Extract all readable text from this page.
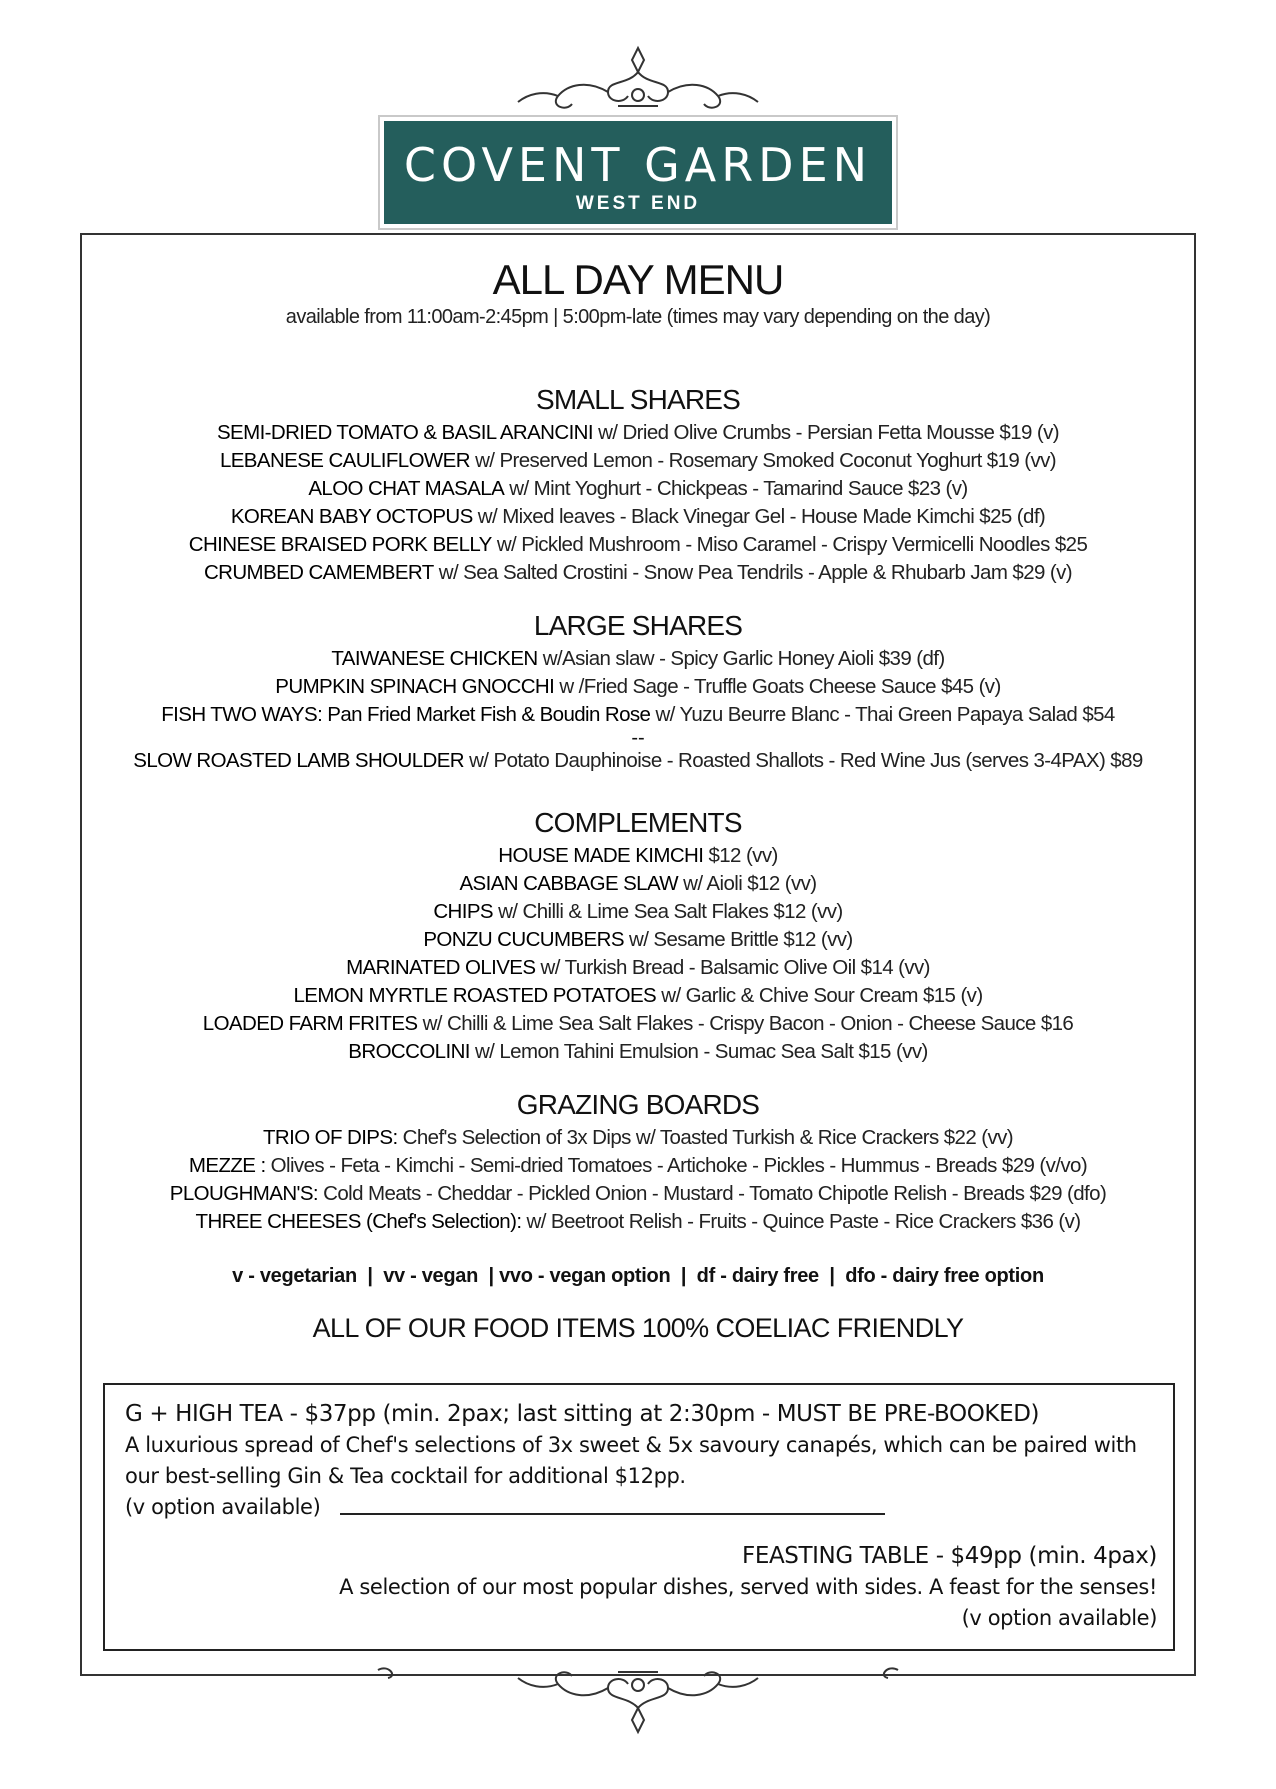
COVENT GARDEN
WEST END
ALL DAY MENU
available from 11:00am-2:45pm | 5:00pm-late (times may vary depending on the day)
SMALL SHARES
SEMI-DRIED TOMATO & BASIL ARANCINI w/ Dried Olive Crumbs - Persian Fetta Mousse $19 (v)
LEBANESE CAULIFLOWER w/ Preserved Lemon - Rosemary Smoked Coconut Yoghurt $19 (vv)
ALOO CHAT MASALA w/ Mint Yoghurt - Chickpeas - Tamarind Sauce $23 (v)
KOREAN BABY OCTOPUS w/ Mixed leaves - Black Vinegar Gel - House Made Kimchi $25 (df)
CHINESE BRAISED PORK BELLY w/ Pickled Mushroom - Miso Caramel - Crispy Vermicelli Noodles $25
CRUMBED CAMEMBERT w/ Sea Salted Crostini - Snow Pea Tendrils - Apple & Rhubarb Jam $29 (v)
LARGE SHARES
TAIWANESE CHICKEN w/Asian slaw - Spicy Garlic Honey Aioli $39 (df)
PUMPKIN SPINACH GNOCCHI w /Fried Sage - Truffle Goats Cheese Sauce $45 (v)
FISH TWO WAYS: Pan Fried Market Fish & Boudin Rose w/ Yuzu Beurre Blanc - Thai Green Papaya Salad $54
--
SLOW ROASTED LAMB SHOULDER w/ Potato Dauphinoise - Roasted Shallots - Red Wine Jus (serves 3-4PAX) $89
COMPLEMENTS
HOUSE MADE KIMCHI $12 (vv)
ASIAN CABBAGE SLAW w/ Aioli $12 (vv)
CHIPS w/ Chilli & Lime Sea Salt Flakes $12 (vv)
PONZU CUCUMBERS w/ Sesame Brittle $12 (vv)
MARINATED OLIVES w/ Turkish Bread - Balsamic Olive Oil $14 (vv)
LEMON MYRTLE ROASTED POTATOES w/ Garlic & Chive Sour Cream $15 (v)
LOADED FARM FRITES w/ Chilli & Lime Sea Salt Flakes - Crispy Bacon - Onion - Cheese Sauce $16
BROCCOLINI w/ Lemon Tahini Emulsion - Sumac Sea Salt $15 (vv)
GRAZING BOARDS
TRIO OF DIPS: Chef's Selection of 3x Dips w/ Toasted Turkish & Rice Crackers $22 (vv)
MEZZE : Olives - Feta - Kimchi - Semi-dried Tomatoes - Artichoke - Pickles - Hummus - Breads $29 (v/vo)
PLOUGHMAN'S: Cold Meats - Cheddar - Pickled Onion - Mustard - Tomato Chipotle Relish - Breads $29 (dfo)
THREE CHEESES (Chef's Selection): w/ Beetroot Relish - Fruits - Quince Paste - Rice Crackers $36 (v)
v - vegetarian  |  vv - vegan  | vvo - vegan option  |  df - dairy free  |  dfo - dairy free option
ALL OF OUR FOOD ITEMS 100% COELIAC FRIENDLY
G + HIGH TEA - $37pp (min. 2pax; last sitting at 2:30pm - MUST BE PRE-BOOKED)
A luxurious spread of Chef's selections of 3x sweet & 5x savoury canapés, which can be paired with
our best-selling Gin & Tea cocktail for additional $12pp.
(v option available)
FEASTING TABLE - $49pp (min. 4pax)
A selection of our most popular dishes, served with sides. A feast for the senses!
(v option available)
